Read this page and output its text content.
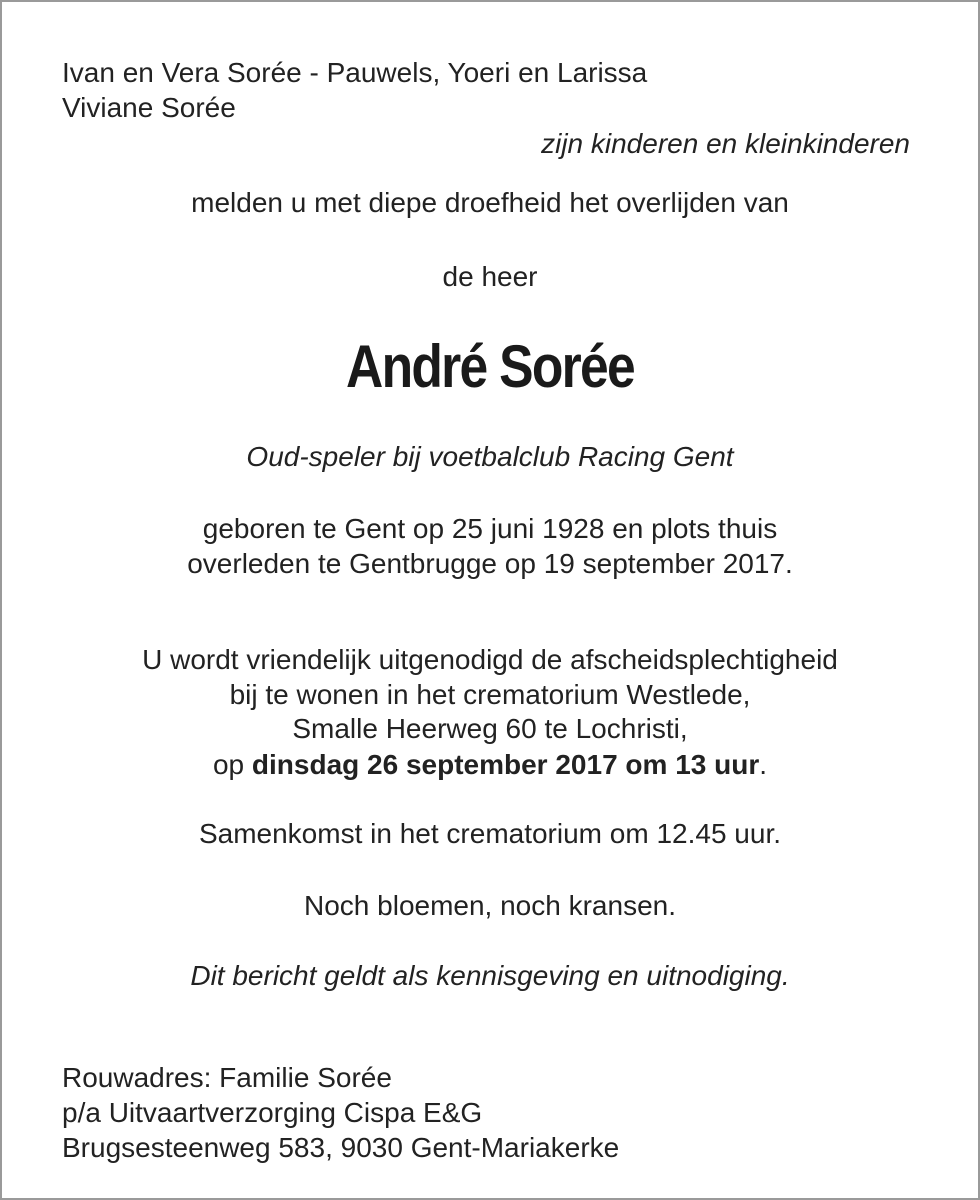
Ivan en Vera Sorée - Pauwels, Yoeri en Larissa
Viviane Sorée
zijn kinderen en kleinkinderen
melden u met diepe droefheid het overlijden van
de heer
André Sorée
Oud-speler bij voetbalclub Racing Gent
geboren te Gent op 25 juni 1928 en plots thuis
overleden te Gentbrugge op 19 september 2017.
U wordt vriendelijk uitgenodigd de afscheidsplechtigheid
bij te wonen in het crematorium Westlede,
Smalle Heerweg 60 te Lochristi,
op dinsdag 26 september 2017 om 13 uur.
Samenkomst in het crematorium om 12.45 uur.
Noch bloemen, noch kransen.
Dit bericht geldt als kennisgeving en uitnodiging.
Rouwadres: Familie Sorée
p/a Uitvaartverzorging Cispa E&G
Brugsesteenweg 583, 9030 Gent-Mariakerke
